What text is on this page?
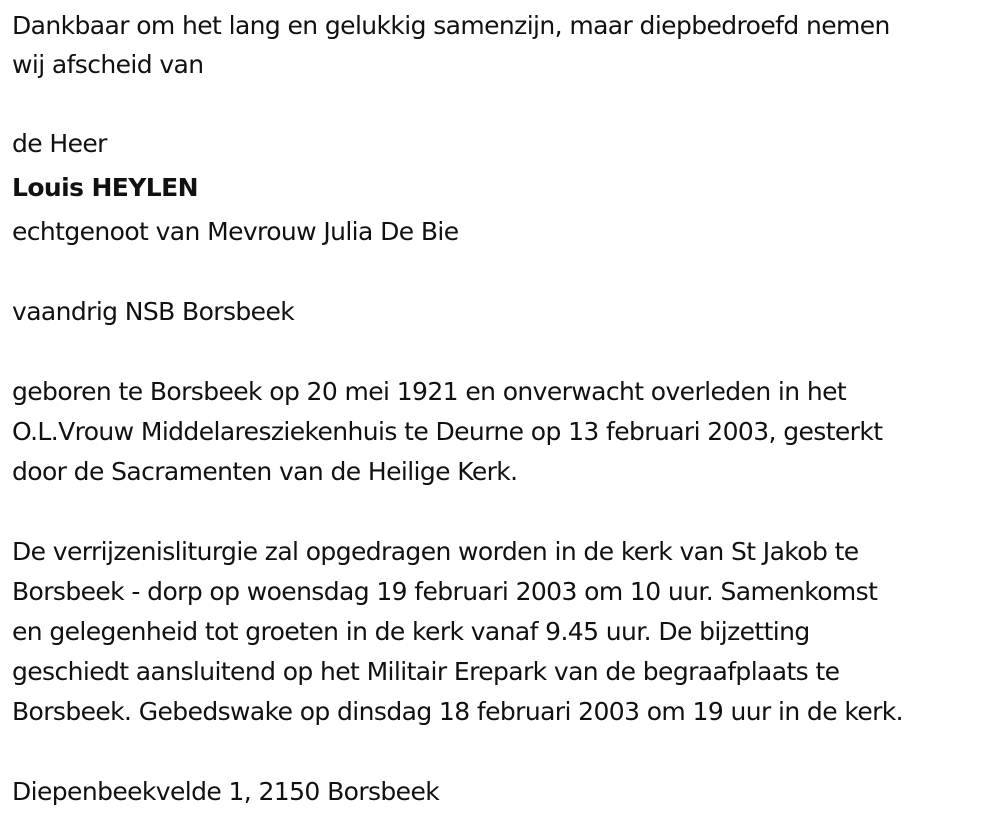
Dankbaar om het lang en gelukkig samenzijn, maar diepbedroefd nemen

wij afscheid van

de Heer

Louis HEYLEN

echtgenoot van Mevrouw Julia De Bie

vaandrig NSB Borsbeek

geboren te Borsbeek op 20 mei 1921 en onverwacht overleden in het

O.L.Vrouw Middelaresziekenhuis te Deurne op 13 februari 2003, gesterkt

door de Sacramenten van de Heilige Kerk.

De verrijzenisliturgie zal opgedragen worden in de kerk van St Jakob te

Borsbeek - dorp op woensdag 19 februari 2003 om 10 uur. Samenkomst

en gelegenheid tot groeten in de kerk vanaf 9.45 uur. De bijzetting

geschiedt aansluitend op het Militair Erepark van de begraafplaats te

Borsbeek. Gebedswake op dinsdag 18 februari 2003 om 19 uur in de kerk.

Diepenbeekvelde 1, 2150 Borsbeek
